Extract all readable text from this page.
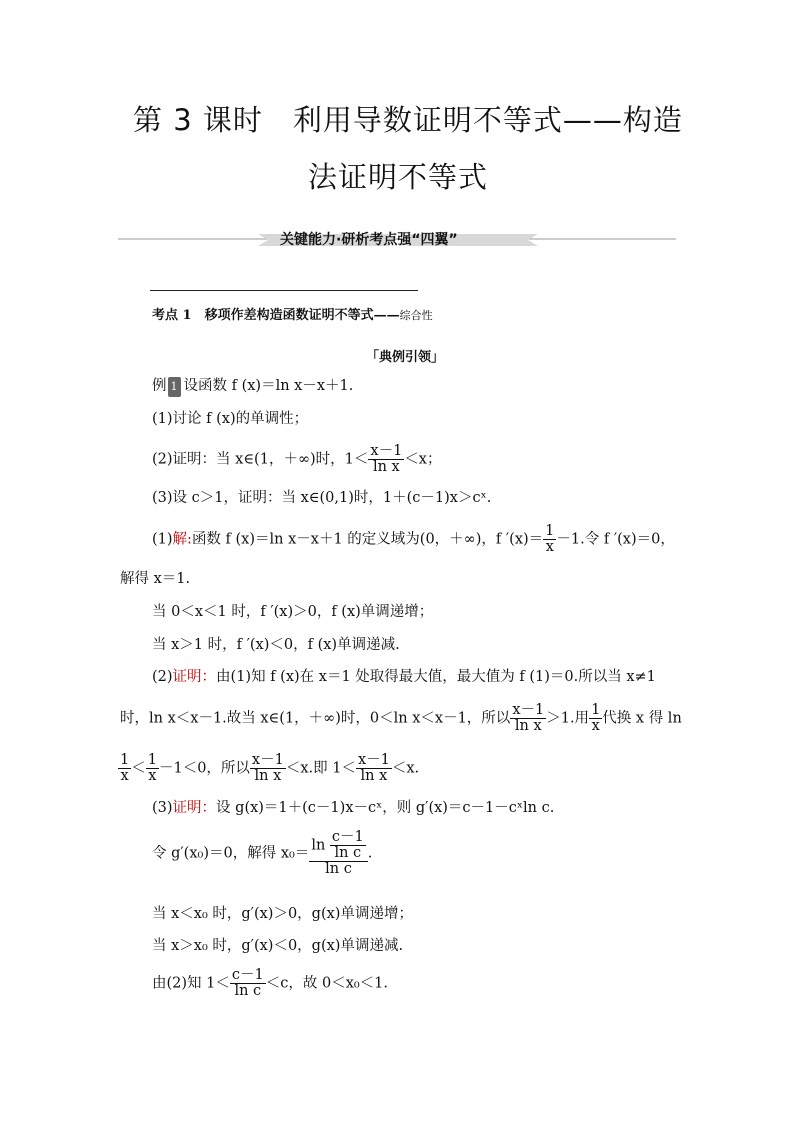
第 3 课时　利用导数证明不等式——构造
法证明不等式
关键能力·研析考点强“四翼”
考点 1　移项作差构造函数证明不等式——综合性
「典例引领」
例 1 设函数 f (x)＝ln x－x＋1.
(1)讨论 f (x)的单调性；
(2)证明：当 x∈(1，＋∞)时，$1< \frac{x-1}{\text{ln x}} <x$；
(3)设 c＞1，证明：当 x∈(0,1)时，1＋(c－1)x＞cˣ.
(1)解:函数 f (x)＝ln x－x＋1 的定义域为(0，＋∞)，f $'(x)= \frac{1}{x} -1$.令 f ′(x)＝0，
解得 x＝1.
当 0＜x＜1 时，f ′(x)＞0，f (x)单调递增；
当 x＞1 时，f ′(x)＜0，f (x)单调递减.
(2)证明：由(1)知 f (x)在 x＝1 处取得最大值，最大值为 f (1)＝0.所以当 x≠1
时，ln x＜x－1.故当 x∈(1，＋∞)时，0＜ln x＜x－1，所以 $\frac{x-1}{\text{ln x}} >1$.用 $\frac{1}{x}$ 代换 x 得 ln
$\frac{1}{x} < \frac{1}{x} -1<0$，所以 $\frac{x-1}{\text{ln x}} <x$.即 $1< \frac{x-1}{\text{ln x}} <x$.
(3)证明：设 g(x)＝1＋(c－1)x－cˣ，则 g′(x)＝c－1－cˣln c.
令 g′(x₀)＝0，解得 $x_0= \frac{\ln \frac{c-1}{\text{ln c}}}{\text{ln c}}$ .
当 x＜x₀ 时，g′(x)＞0，g(x)单调递增；
当 x＞x₀ 时，g′(x)＜0，g(x)单调递减.
由(2)知 $1< \frac{c-1}{\text{ln c}} <c$，故 0＜x₀＜1.
